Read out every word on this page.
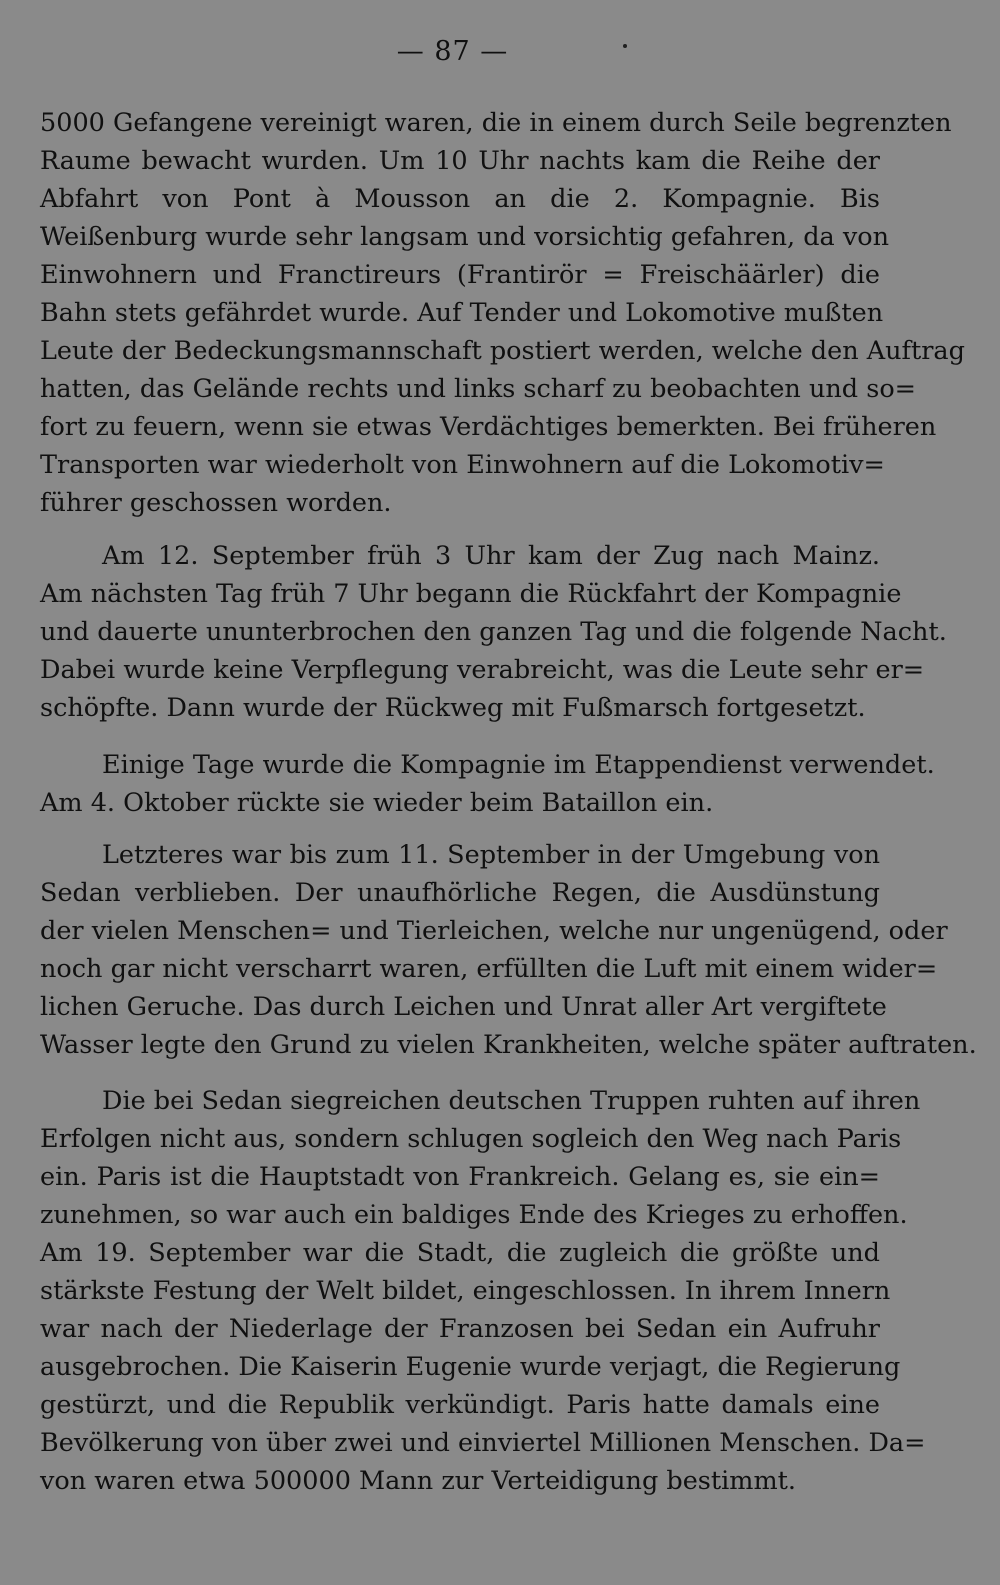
— 87 —
5000 Gefangene vereinigt waren, die in einem durch Seile begrenzten
Raume bewacht wurden. Um 10 Uhr nachts kam die Reihe der
Abfahrt von Pont à Mousson an die 2. Kompagnie. Bis
Weißenburg wurde sehr langsam und vorsichtig gefahren, da von
Einwohnern und Franctireurs (Frantirör = Freischäärler) die
Bahn stets gefährdet wurde. Auf Tender und Lokomotive mußten
Leute der Bedeckungsmannschaft postiert werden, welche den Auftrag
hatten, das Gelände rechts und links scharf zu beobachten und so=
fort zu feuern, wenn sie etwas Verdächtiges bemerkten. Bei früheren
Transporten war wiederholt von Einwohnern auf die Lokomotiv=
führer geschossen worden.
Am 12. September früh 3 Uhr kam der Zug nach Mainz.
Am nächsten Tag früh 7 Uhr begann die Rückfahrt der Kompagnie
und dauerte ununterbrochen den ganzen Tag und die folgende Nacht.
Dabei wurde keine Verpflegung verabreicht, was die Leute sehr er=
schöpfte. Dann wurde der Rückweg mit Fußmarsch fortgesetzt.
Einige Tage wurde die Kompagnie im Etappendienst verwendet.
Am 4. Oktober rückte sie wieder beim Bataillon ein.
Letzteres war bis zum 11. September in der Umgebung von
Sedan verblieben. Der unaufhörliche Regen, die Ausdünstung
der vielen Menschen= und Tierleichen, welche nur ungenügend, oder
noch gar nicht verscharrt waren, erfüllten die Luft mit einem wider=
lichen Geruche. Das durch Leichen und Unrat aller Art vergiftete
Wasser legte den Grund zu vielen Krankheiten, welche später auftraten.
Die bei Sedan siegreichen deutschen Truppen ruhten auf ihren
Erfolgen nicht aus, sondern schlugen sogleich den Weg nach Paris
ein. Paris ist die Hauptstadt von Frankreich. Gelang es, sie ein=
zunehmen, so war auch ein baldiges Ende des Krieges zu erhoffen.
Am 19. September war die Stadt, die zugleich die größte und
stärkste Festung der Welt bildet, eingeschlossen. In ihrem Innern
war nach der Niederlage der Franzosen bei Sedan ein Aufruhr
ausgebrochen. Die Kaiserin Eugenie wurde verjagt, die Regierung
gestürzt, und die Republik verkündigt. Paris hatte damals eine
Bevölkerung von über zwei und einviertel Millionen Menschen. Da=
von waren etwa 500000 Mann zur Verteidigung bestimmt.
